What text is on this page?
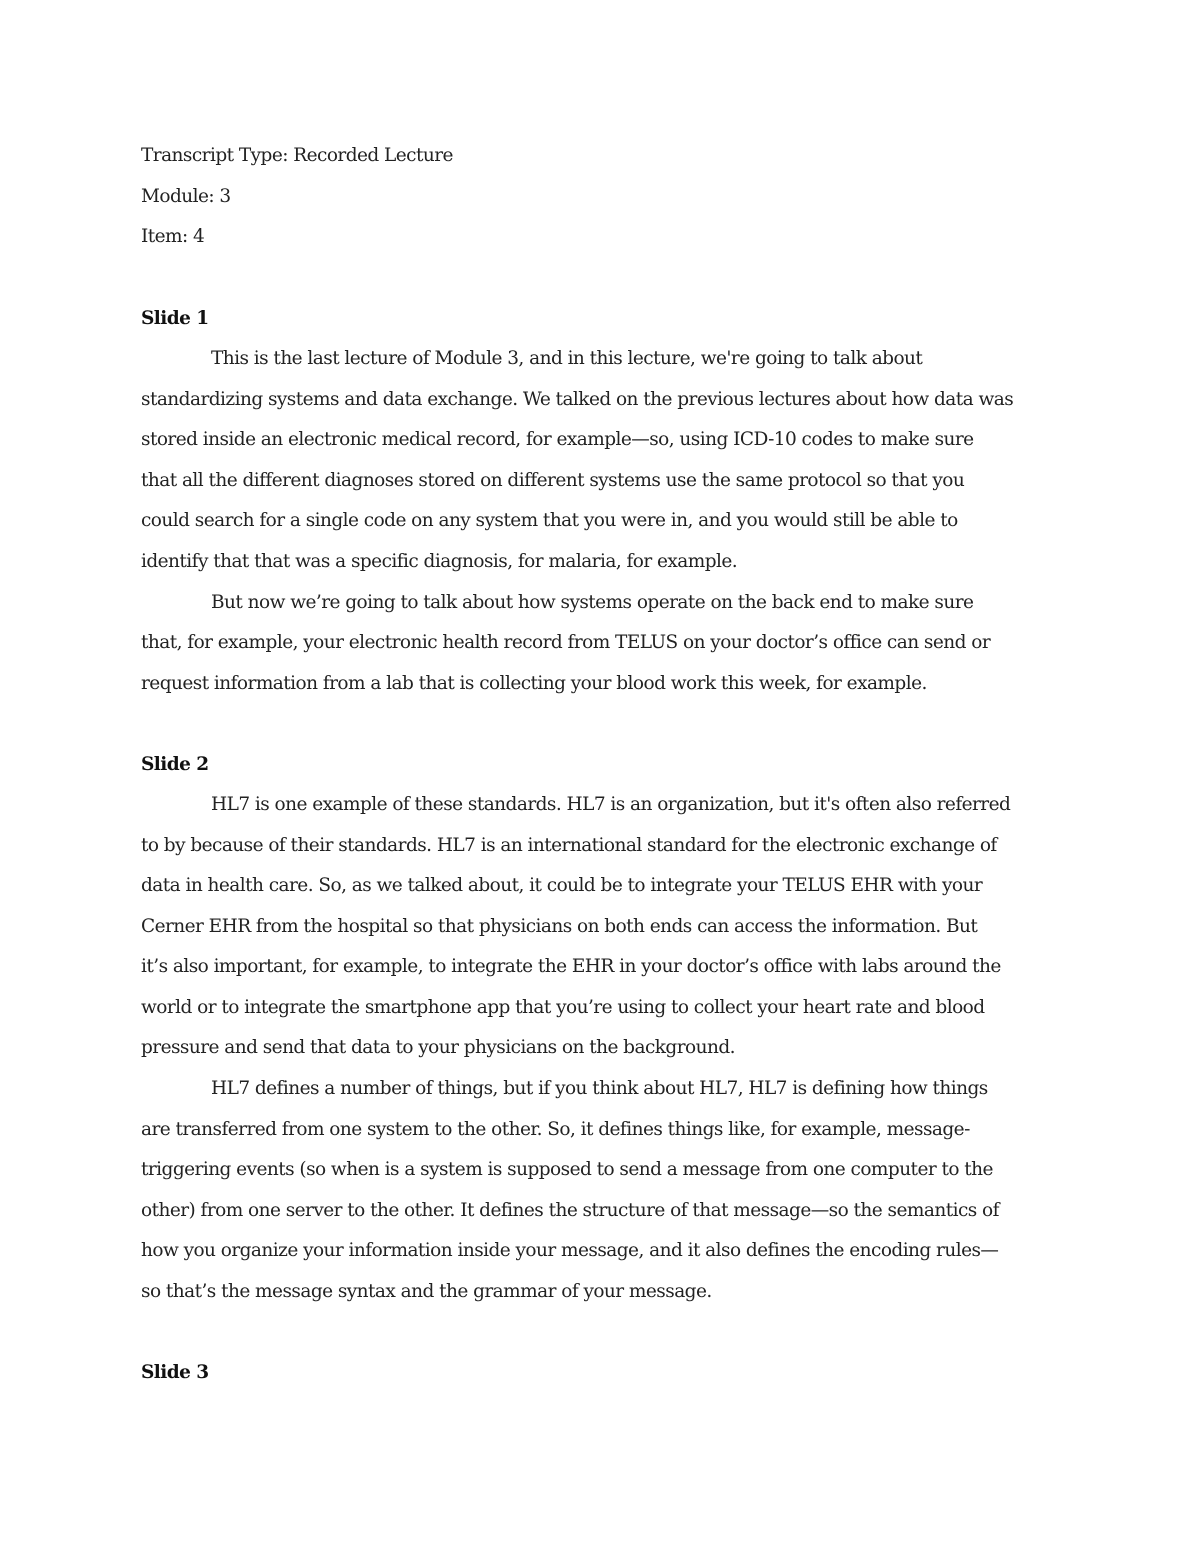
Transcript Type: Recorded Lecture
Module: 3
Item: 4
Slide 1
This is the last lecture of Module 3, and in this lecture, we're going to talk about
standardizing systems and data exchange. We talked on the previous lectures about how data was
stored inside an electronic medical record, for example—so, using ICD-10 codes to make sure
that all the different diagnoses stored on different systems use the same protocol so that you
could search for a single code on any system that you were in, and you would still be able to
identify that that was a specific diagnosis, for malaria, for example.
But now we’re going to talk about how systems operate on the back end to make sure
that, for example, your electronic health record from TELUS on your doctor’s office can send or
request information from a lab that is collecting your blood work this week, for example.
Slide 2
HL7 is one example of these standards. HL7 is an organization, but it's often also referred
to by because of their standards. HL7 is an international standard for the electronic exchange of
data in health care. So, as we talked about, it could be to integrate your TELUS EHR with your
Cerner EHR from the hospital so that physicians on both ends can access the information. But
it’s also important, for example, to integrate the EHR in your doctor’s office with labs around the
world or to integrate the smartphone app that you’re using to collect your heart rate and blood
pressure and send that data to your physicians on the background.
HL7 defines a number of things, but if you think about HL7, HL7 is defining how things
are transferred from one system to the other. So, it defines things like, for example, message-
triggering events (so when is a system is supposed to send a message from one computer to the
other) from one server to the other. It defines the structure of that message—so the semantics of
how you organize your information inside your message, and it also defines the encoding rules—
so that’s the message syntax and the grammar of your message.
Slide 3
